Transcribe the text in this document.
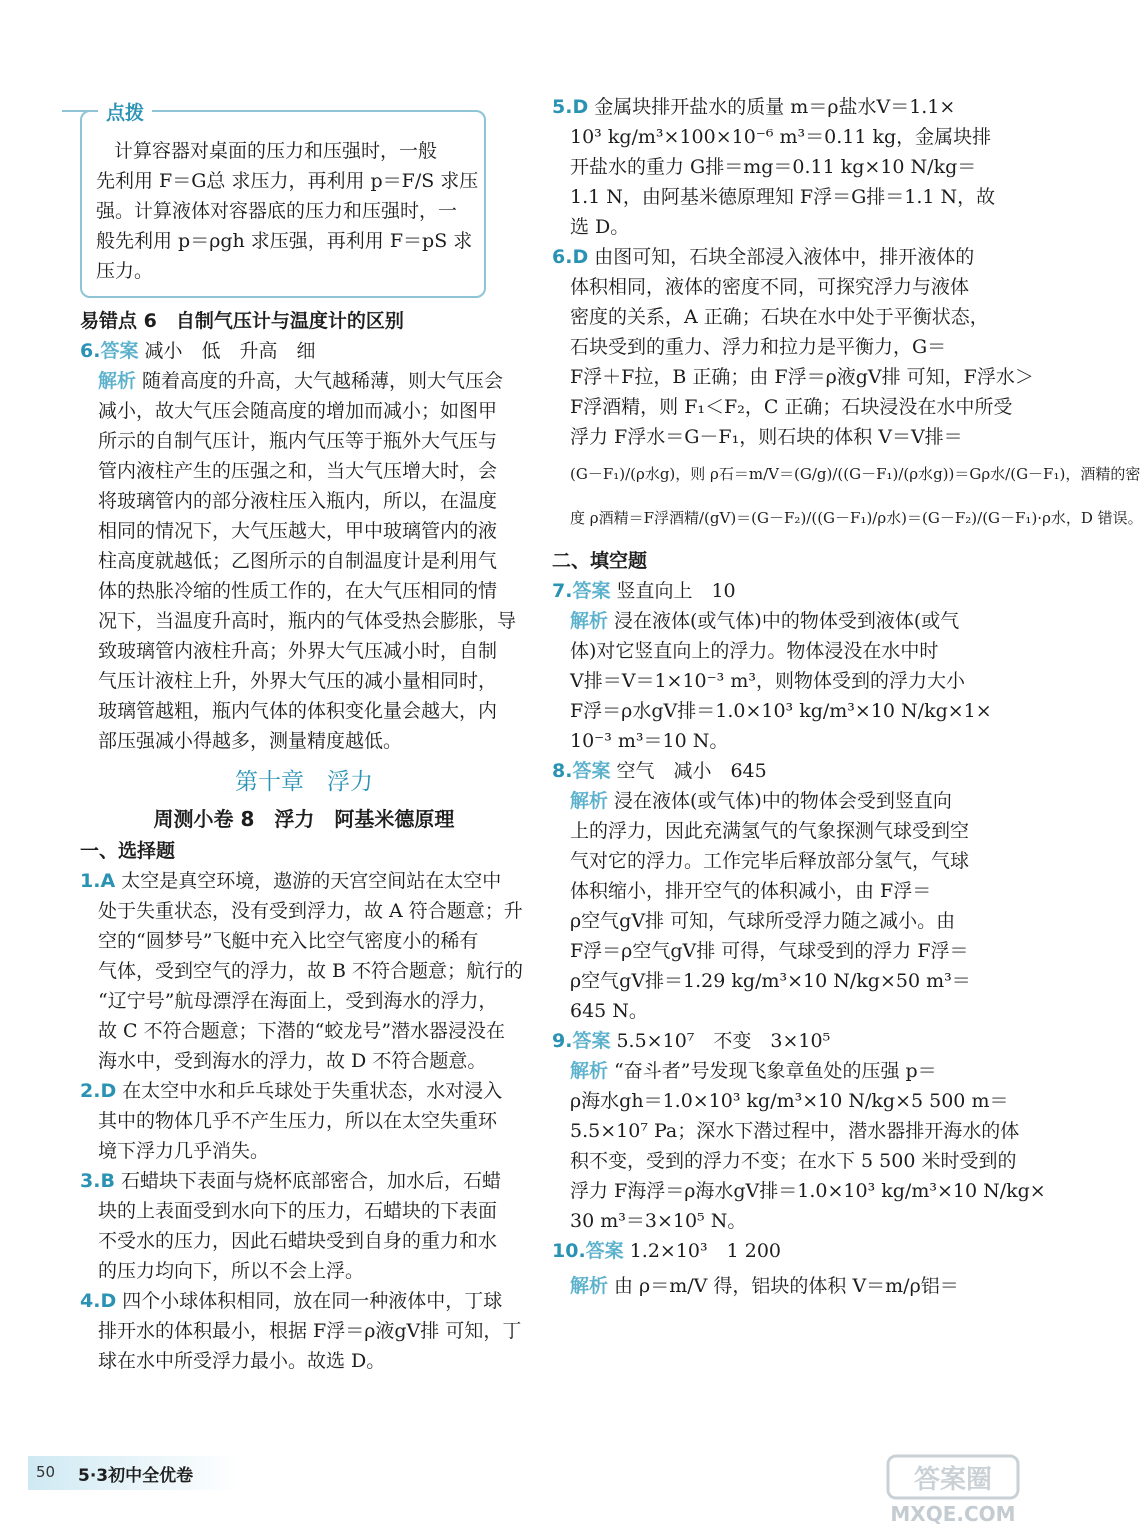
点拨
计算容器对桌面的压力和压强时，一般
先利用 F＝G总 求压力，再利用 p＝F/S 求压
强。计算液体对容器底的压力和压强时，一
般先利用 p＝ρgh 求压强，再利用 F＝pS 求
压力。
易错点 6　自制气压计与温度计的区别
6.答案 减小　低　升高　细
解析 随着高度的升高，大气越稀薄，则大气压会
减小，故大气压会随高度的增加而减小；如图甲
所示的自制气压计，瓶内气压等于瓶外大气压与
管内液柱产生的压强之和，当大气压增大时，会
将玻璃管内的部分液柱压入瓶内，所以，在温度
相同的情况下，大气压越大，甲中玻璃管内的液
柱高度就越低；乙图所示的自制温度计是利用气
体的热胀冷缩的性质工作的，在大气压相同的情
况下，当温度升高时，瓶内的气体受热会膨胀，导
致玻璃管内液柱升高；外界大气压减小时，自制
气压计液柱上升，外界大气压的减小量相同时，
玻璃管越粗，瓶内气体的体积变化量会越大，内
部压强减小得越多，测量精度越低。
第十章　浮力
周测小卷 8　浮力　阿基米德原理
一、选择题
1.A 太空是真空环境，遨游的天宫空间站在太空中
处于失重状态，没有受到浮力，故 A 符合题意；升
空的“圆梦号”飞艇中充入比空气密度小的稀有
气体，受到空气的浮力，故 B 不符合题意；航行的
“辽宁号”航母漂浮在海面上，受到海水的浮力，
故 C 不符合题意；下潜的“蛟龙号”潜水器浸没在
海水中，受到海水的浮力，故 D 不符合题意。
2.D 在太空中水和乒乓球处于失重状态，水对浸入
其中的物体几乎不产生压力，所以在太空失重环
境下浮力几乎消失。
3.B 石蜡块下表面与烧杯底部密合，加水后，石蜡
块的上表面受到水向下的压力，石蜡块的下表面
不受水的压力，因此石蜡块受到自身的重力和水
的压力均向下，所以不会上浮。
4.D 四个小球体积相同，放在同一种液体中，丁球
排开水的体积最小，根据 F浮＝ρ液gV排 可知，丁
球在水中所受浮力最小。故选 D。
5.D 金属块排开盐水的质量 m＝ρ盐水V＝1.1×
10³ kg/m³×100×10⁻⁶ m³＝0.11 kg，金属块排
开盐水的重力 G排＝mg＝0.11 kg×10 N/kg＝
1.1 N，由阿基米德原理知 F浮＝G排＝1.1 N，故
选 D。
6.D 由图可知，石块全部浸入液体中，排开液体的
体积相同，液体的密度不同，可探究浮力与液体
密度的关系，A 正确；石块在水中处于平衡状态，
石块受到的重力、浮力和拉力是平衡力，G＝
F浮＋F拉，B 正确；由 F浮＝ρ液gV排 可知，F浮水＞
F浮酒精，则 F₁＜F₂，C 正确；石块浸没在水中所受
浮力 F浮水＝G－F₁，则石块的体积 V＝V排＝
(G－F₁)/(ρ水g)，则 ρ石＝m/V＝(G/g)/((G－F₁)/(ρ水g))＝Gρ水/(G－F₁)，酒精的密
度 ρ酒精＝F浮酒精/(gV)＝(G－F₂)/((G－F₁)/ρ水)＝(G－F₂)/(G－F₁)·ρ水，D 错误。
二、填空题
7.答案 竖直向上　10
解析 浸在液体(或气体)中的物体受到液体(或气
体)对它竖直向上的浮力。物体浸没在水中时
V排＝V＝1×10⁻³ m³，则物体受到的浮力大小
F浮＝ρ水gV排＝1.0×10³ kg/m³×10 N/kg×1×
10⁻³ m³＝10 N。
8.答案 空气　减小　645
解析 浸在液体(或气体)中的物体会受到竖直向
上的浮力，因此充满氢气的气象探测气球受到空
气对它的浮力。工作完毕后释放部分氢气，气球
体积缩小，排开空气的体积减小，由 F浮＝
ρ空气gV排 可知，气球所受浮力随之减小。由
F浮＝ρ空气gV排 可得，气球受到的浮力 F浮＝
ρ空气gV排＝1.29 kg/m³×10 N/kg×50 m³＝
645 N。
9.答案 5.5×10⁷　不变　3×10⁵
解析 “奋斗者”号发现飞象章鱼处的压强 p＝
ρ海水gh＝1.0×10³ kg/m³×10 N/kg×5 500 m＝
5.5×10⁷ Pa；深水下潜过程中，潜水器排开海水的体
积不变，受到的浮力不变；在水下 5 500 米时受到的
浮力 F海浮＝ρ海水gV排＝1.0×10³ kg/m³×10 N/kg×
30 m³＝3×10⁵ N。
10.答案 1.2×10³　1 200
解析 由 ρ＝m/V 得，铝块的体积 V＝m/ρ铝＝
50 5·3初中全优卷	答案圈
MXQE.COM
